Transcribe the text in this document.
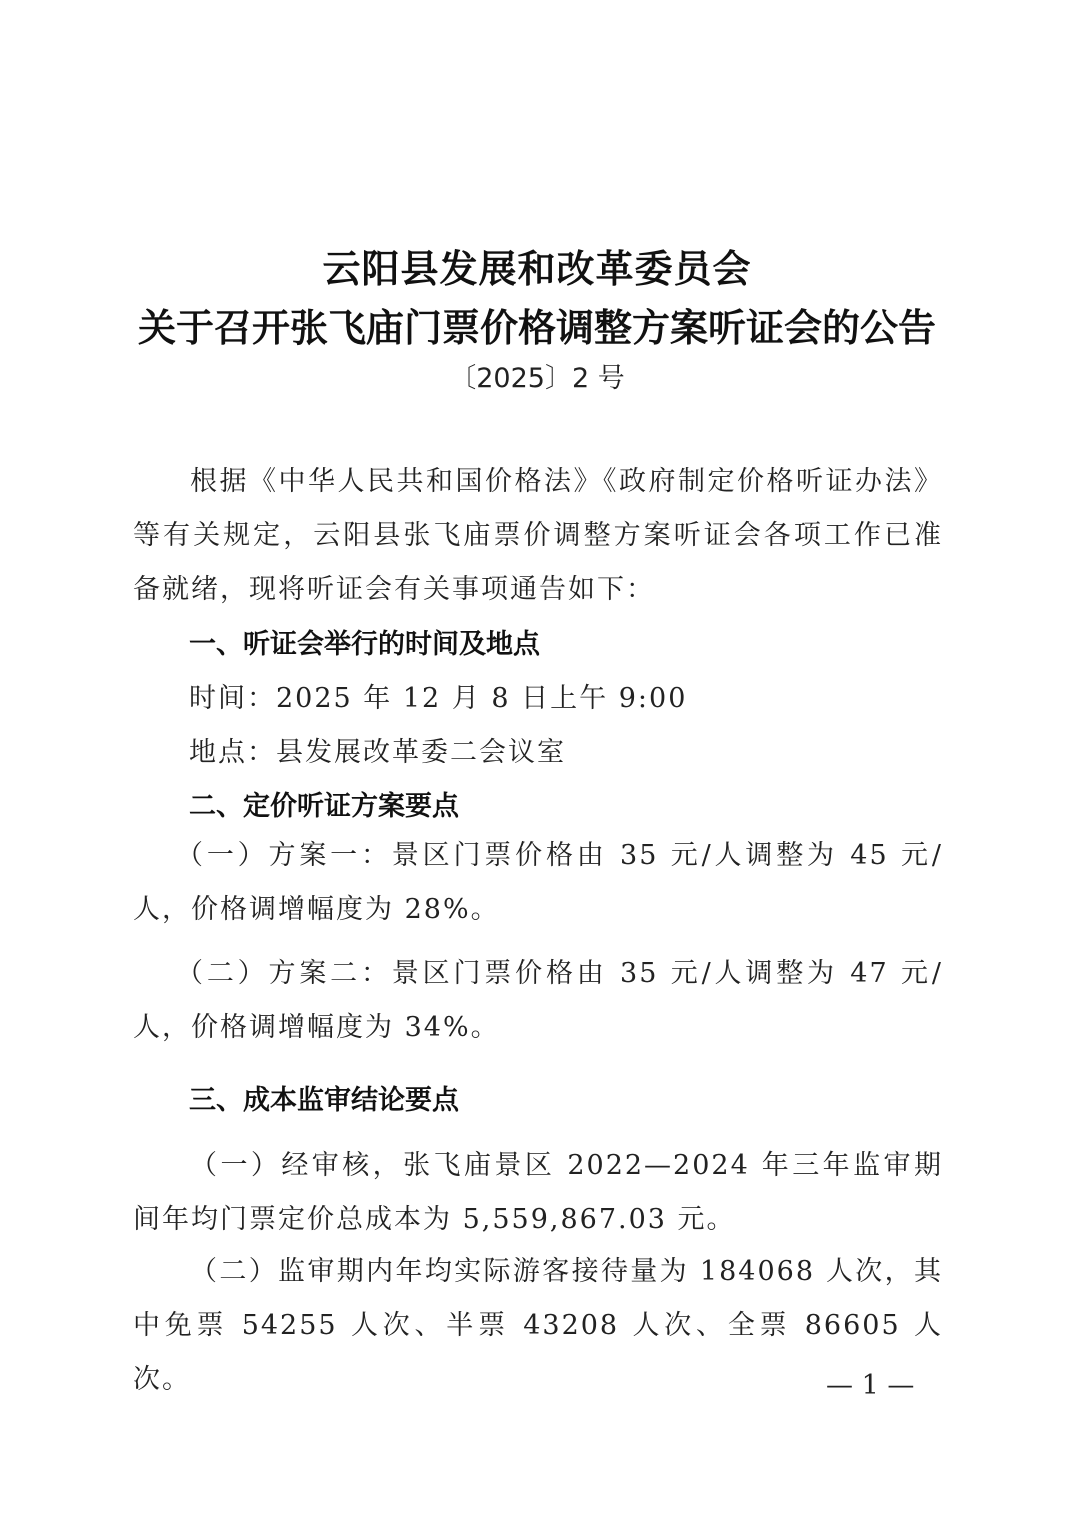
云阳县发展和改革委员会
关于召开张飞庙门票价格调整方案听证会的公告
〔2025〕2 号
根据《中华人民共和国价格法》《政府制定价格听证办法》等有关规定，云阳县张飞庙票价调整方案听证会各项工作已准备就绪，现将听证会有关事项通告如下：
一、听证会举行的时间及地点
时间：2025 年 12 月 8 日上午 9:00
地点：县发展改革委二会议室
二、定价听证方案要点
（一）方案一：景区门票价格由 35 元/人调整为 45 元/人，价格调增幅度为 28%。
（二）方案二：景区门票价格由 35 元/人调整为 47 元/人，价格调增幅度为 34%。
三、成本监审结论要点
（一）经审核，张飞庙景区 2022—2024 年三年监审期间年均门票定价总成本为 5,559,867.03 元。
（二）监审期内年均实际游客接待量为 184068 人次，其中免票 54255 人次、半票 43208 人次、全票 86605 人次。	— 1 —
